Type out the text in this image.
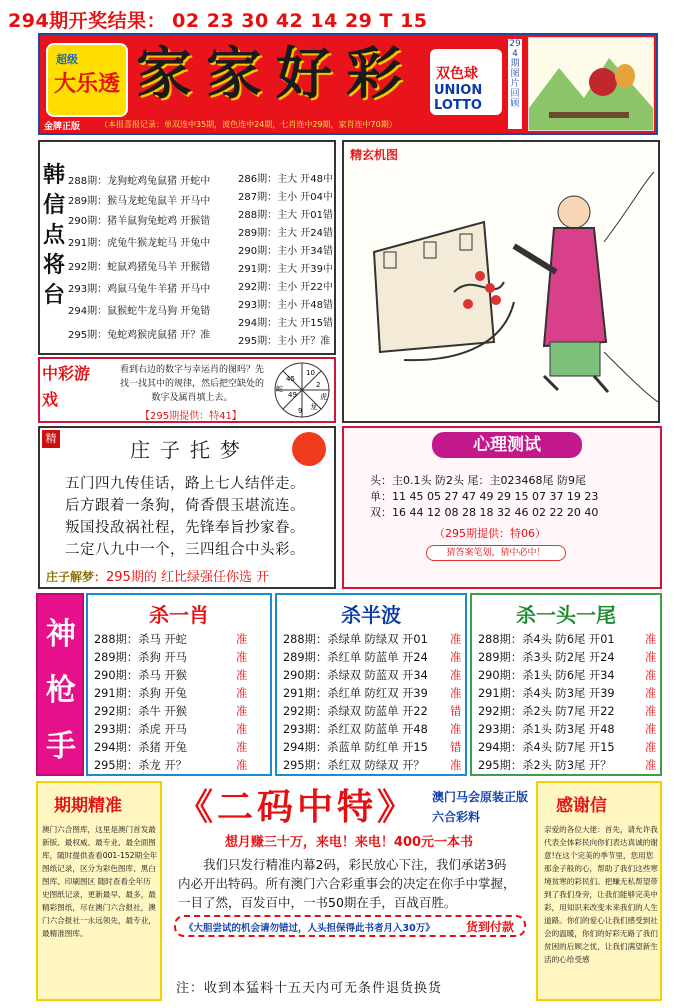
294期开奖结果： 02 23 30 42 14 29 T 15
超级
大乐透
金牌正版
家家好彩	双色球
UNION LOTTO
294期图片回顾
（本报喜报记录：单双连中35期，波色连中24期，七肖连中29期，家肖连中70期）
韩信点将台
288期：龙狗蛇鸡兔鼠猪 开蛇中
289期：猴马龙蛇兔鼠羊 开马中
290期：猪羊鼠狗兔蛇鸡 开猴错
291期：虎兔牛猴龙蛇马 开兔中
292期：蛇鼠鸡猪兔马羊 开猴错
293期：鸡鼠马兔牛羊猪 开马中
294期：鼠猴蛇牛龙马狗 开兔错
295期：兔蛇鸡猴虎鼠猪 开？准
286期：主大 开48中
287期：主小 开04中
288期：主大 开01错
289期：主大 开24错
290期：主小 开34错
291期：主大 开39中
292期：主小 开22中
293期：主小 开48错
294期：主大 开15错
295期：主小 开？准
精玄机图
中彩游戏
看到右边的数字与幸运肖的图吗？先找一找其中的规律，然后把空缺处的数字及属肖填上去。
【295期提供：特41】
45
10
2
49
蛇
虎
龙
9
精	庄子托梦
五门四九传佳话，路上七人结伴走。
后方跟着一条狗，倚香偎玉堪流连。
叛国投敌祸社程，先锋奉旨抄家眷。
二定八九中一个，三四组合中头彩。
庄子解梦：295期的 红比绿强任你选 开
心理测试
头：主0.1头 防2头 尾：主023468尾 防9尾
单：11 45 05 27 47 49 29 15 07 37 19 23
双：16 44 12 08 28 18 32 46 02 22 20 40
（295期提供：特06）
猜答案笔划，猜中必中！
神枪手
杀一肖
288期：杀马 开蛇	准
289期：杀狗 开马	准
290期：杀马 开猴	准
291期：杀狗 开兔	准
292期：杀牛 开猴	准
293期：杀虎 开马	准
294期：杀猪 开兔	准
295期：杀龙 开？	准
杀半波
288期：杀绿单 防绿双 开01 准
289期：杀红单 防蓝单 开24 准
290期：杀绿双 防蓝双 开34 准
291期：杀红单 防红双 开39 准
292期：杀绿双 防蓝单 开22 错
293期：杀红双 防蓝单 开48 准
294期：杀蓝单 防红单 开15 错
295期：杀红双 防绿双 开？ 准
杀一头一尾
288期：杀4头 防6尾 开01	准
289期：杀3头 防2尾 开24	准
290期：杀1头 防6尾 开34	准
291期：杀4头 防3尾 开39	准
292期：杀2头 防7尾 开22	准
293期：杀1头 防3尾 开48	准
294期：杀4头 防7尾 开15	准
295期：杀2头 防3尾 开？	准
期期精准
澳门六合图库，这里是澳门首发最新版、最权威、最专业、最全面图库，随时提供查看001-152期全年图纸记录，区分为彩色图库、黑白图库、印刷图区 随时查看全年历史图纸记录，更新最早、最多，最精彩图纸，尽在澳门六合报社，澳门六合报社一永远领先，最专业，最精准图库。
《二码中特》	澳门马会原装正版六合彩料
想月赚三十万，来电！来电！400元一本书
我们只发行精准内幕2码，彩民放心下注，我们承诺3码内必开出特码。所有澳门六合彩重事会的决定在你手中掌握，一目了然，百发百中，一书50期在手，百战百胜。
《大胆尝试的机会请勿错过，人头担保得此书者月入30万》	货到付款
注：收到本猛料十五天内可无条件退货换货
感谢信
亲爱的各位大佬：首先，请允许我代表全体彩民向你们表达真诚的谢意!在这个完美的季节里，您用您那金子般的心，帮助了我们这些寒境贫寒的彩民们。把赚无私帮望带到了我们身旁，让我们能够完美中彩，用知识来改变未来我们的人生道路。你们的爱心让我们感受到社会的温暖，你们的好彩无路了我们贫困的后顾之忧，让我们满望新生活的心给受感
